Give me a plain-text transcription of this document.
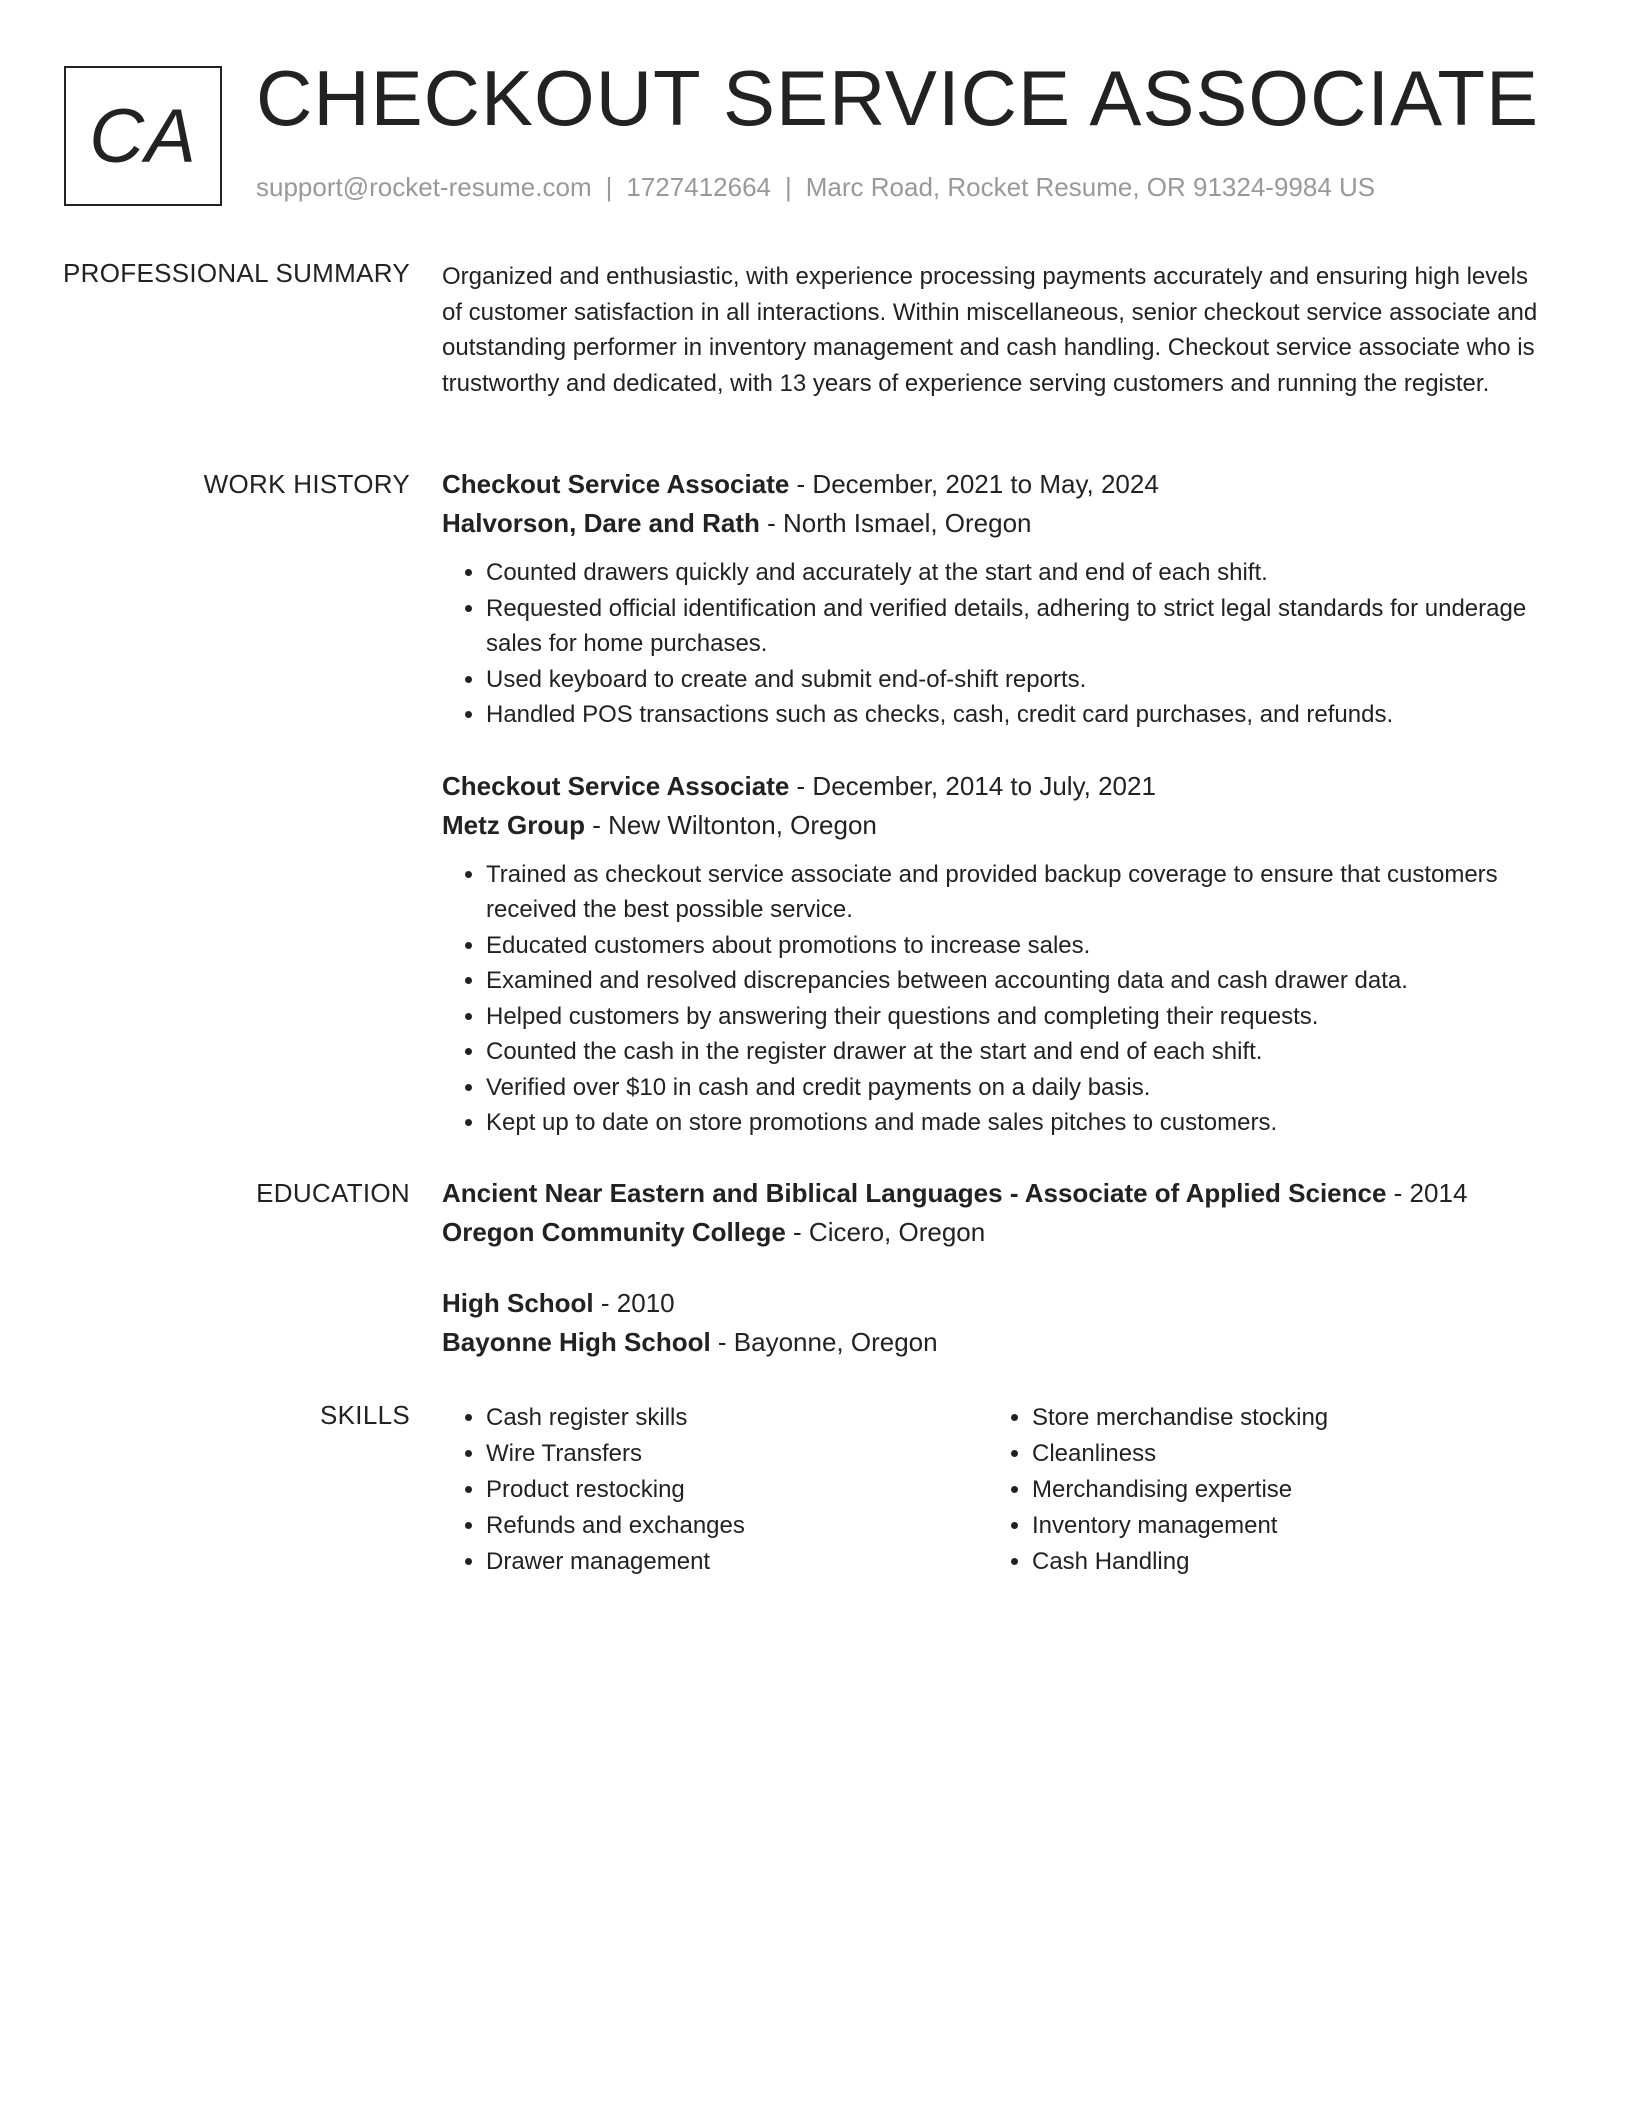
CA CHECKOUT SERVICE ASSOCIATE
support@rocket-resume.com | 1727412664 | Marc Road, Rocket Resume, OR 91324-9984 US
PROFESSIONAL SUMMARY Organized and enthusiastic, with experience processing payments accurately and ensuring high levels of customer satisfaction in all interactions. Within miscellaneous, senior checkout service associate and outstanding performer in inventory management and cash handling. Checkout service associate who is trustworthy and dedicated, with 13 years of experience serving customers and running the register.

WORK HISTORY Checkout Service Associate - December, 2021 to May, 2024
Halvorson, Dare and Rath - North Ismael, Oregon
• Counted drawers quickly and accurately at the start and end of each shift.
• Requested official identification and verified details, adhering to strict legal standards for underage sales for home purchases.
• Used keyboard to create and submit end-of-shift reports.
• Handled POS transactions such as checks, cash, credit card purchases, and refunds.
Checkout Service Associate - December, 2014 to July, 2021
Metz Group - New Wiltonton, Oregon
• Trained as checkout service associate and provided backup coverage to ensure that customers received the best possible service.
• Educated customers about promotions to increase sales.
• Examined and resolved discrepancies between accounting data and cash drawer data.
• Helped customers by answering their questions and completing their requests.
• Counted the cash in the register drawer at the start and end of each shift.
• Verified over $10 in cash and credit payments on a daily basis.
• Kept up to date on store promotions and made sales pitches to customers.
EDUCATION Ancient Near Eastern and Biblical Languages - Associate of Applied Science - 2014
Oregon Community College - Cicero, Oregon
High School - 2010
Bayonne High School - Bayonne, Oregon
SKILLS
•	Cash register skills
• Wire Transfers
• Product restocking
• Refunds and exchanges
• Drawer management
• Store merchandise stocking
• Cleanliness
• Merchandising expertise
• Inventory management
• Cash Handling
